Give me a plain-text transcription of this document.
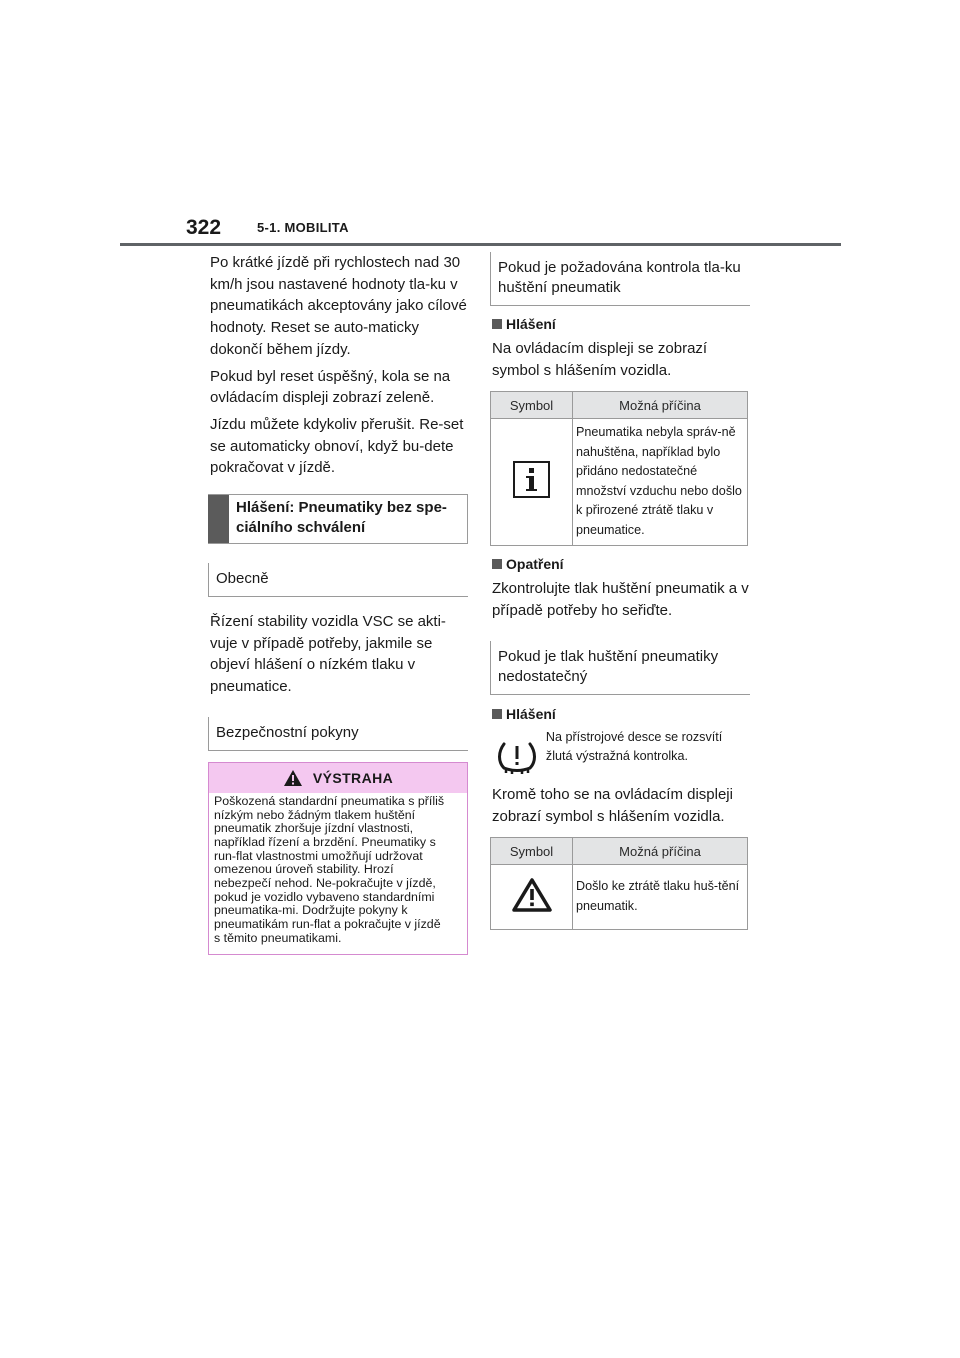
322	5-1. MOBILITA

Po krátké jízdě při rychlostech nad 30 km/h jsou nastavené hodnoty tla-ku v pneumatikách akceptovány jako cílové hodnoty. Reset se auto-maticky dokončí během jízdy.

Pokud byl reset úspěšný, kola se na ovládacím displeji zobrazí zeleně.

Jízdu můžete kdykoliv přerušit. Re-set se automaticky obnoví, když bu-dete pokračovat v jízdě.

Hlášení: Pneumatiky bez spe-ciálního schválení
Obecně

Řízení stability vozidla VSC se akti-vuje v případě potřeby, jakmile se objeví hlášení o nízkém tlaku v pneumatice.

Bezpečnostní pokyny
VÝSTRAHA
Poškozená standardní pneumatika s příliš nízkým nebo žádným tlakem huštění pneumatik zhoršuje jízdní vlastnosti, například řízení a brzdění. Pneumatiky s run-flat vlastnostmi umožňují udržovat omezenou úroveň stability. Hrozí nebezpečí nehod. Ne-pokračujte v jízdě, pokud je vozidlo vybaveno standardními pneumatika-mi. Dodržujte pokyny k pneumatikám run-flat a pokračujte v jízdě s těmito pneumatikami.
Pokud je požadována kontrola tla-ku huštění pneumatik
Hlášení

Na ovládacím displeji se zobrazí symbol s hlášením vozidla.

Symbol	Možná příčina

	Pneumatika nebyla správ-ně nahuštěna, například bylo přidáno nedostatečné množství vzduchu nebo došlo k přirozené ztrátě tlaku v pneumatice.
Opatření

Zkontrolujte tlak huštění pneumatik a v případě potřeby ho seřiďte.

Pokud je tlak huštění pneumatiky nedostatečný
Hlášení
Na přístrojové desce se rozsvítí žlutá výstražná kontrolka.

Kromě toho se na ovládacím displeji zobrazí symbol s hlášením vozidla.

Symbol	Možná příčina
	Došlo ke ztrátě tlaku huš-tění pneumatik.
